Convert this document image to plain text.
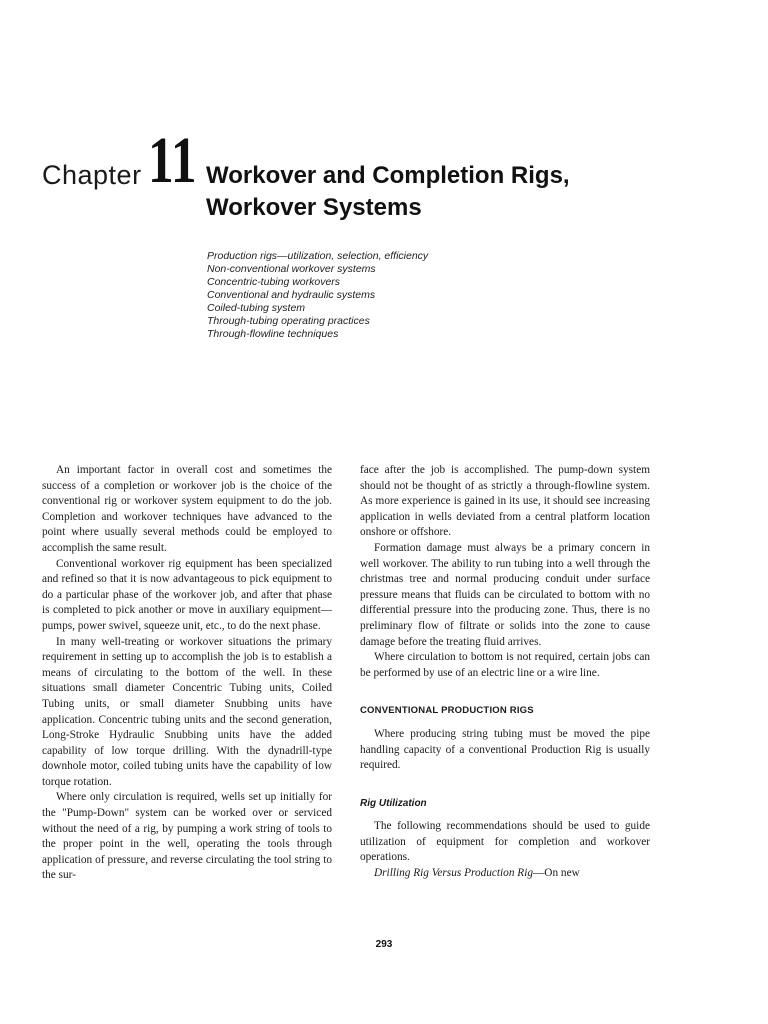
Chapter 11 Workover and Completion Rigs,
Workover Systems
Production rigs—utilization, selection, efficiency
Non-conventional workover systems
Concentric-tubing workovers
Conventional and hydraulic systems
Coiled-tubing system
Through-tubing operating practices
Through-flowline techniques

An important factor in overall cost and sometimes the success of a completion or workover job is the choice of the conventional rig or workover system equipment to do the job. Completion and workover techniques have advanced to the point where usually several methods could be employed to accomplish the same result.

Conventional workover rig equipment has been specialized and refined so that it is now advantageous to pick equipment to do a particular phase of the workover job, and after that phase is completed to pick another or move in auxiliary equipment—pumps, power swivel, squeeze unit, etc., to do the next phase.

In many well-treating or workover situations the primary requirement in setting up to accomplish the job is to establish a means of circulating to the bottom of the well. In these situations small diameter Concentric Tubing units, Coiled Tubing units, or small diameter Snubbing units have application. Concentric tubing units and the second generation, Long-Stroke Hydraulic Snubbing units have the added capability of low torque drilling. With the dynadrill-type downhole motor, coiled tubing units have the capability of low torque rotation.

Where only circulation is required, wells set up initially for the "Pump-Down" system can be worked over or serviced without the need of a rig, by pumping a work string of tools to the proper point in the well, operating the tools through application of pressure, and reverse circulating the tool string to the sur-

face after the job is accomplished. The pump-down system should not be thought of as strictly a through-flowline system. As more experience is gained in its use, it should see increasing application in wells deviated from a central platform location onshore or offshore.

Formation damage must always be a primary concern in well workover. The ability to run tubing into a well through the christmas tree and normal producing conduit under surface pressure means that fluids can be circulated to bottom with no differential pressure into the producing zone. Thus, there is no preliminary flow of filtrate or solids into the zone to cause damage before the treating fluid arrives.

Where circulation to bottom is not required, certain jobs can be performed by use of an electric line or a wire line.

CONVENTIONAL PRODUCTION RIGS

Where producing string tubing must be moved the pipe handling capacity of a conventional Production Rig is usually required.

Rig Utilization

The following recommendations should be used to guide utilization of equipment for completion and workover operations.

Drilling Rig Versus Production Rig—On new

293
